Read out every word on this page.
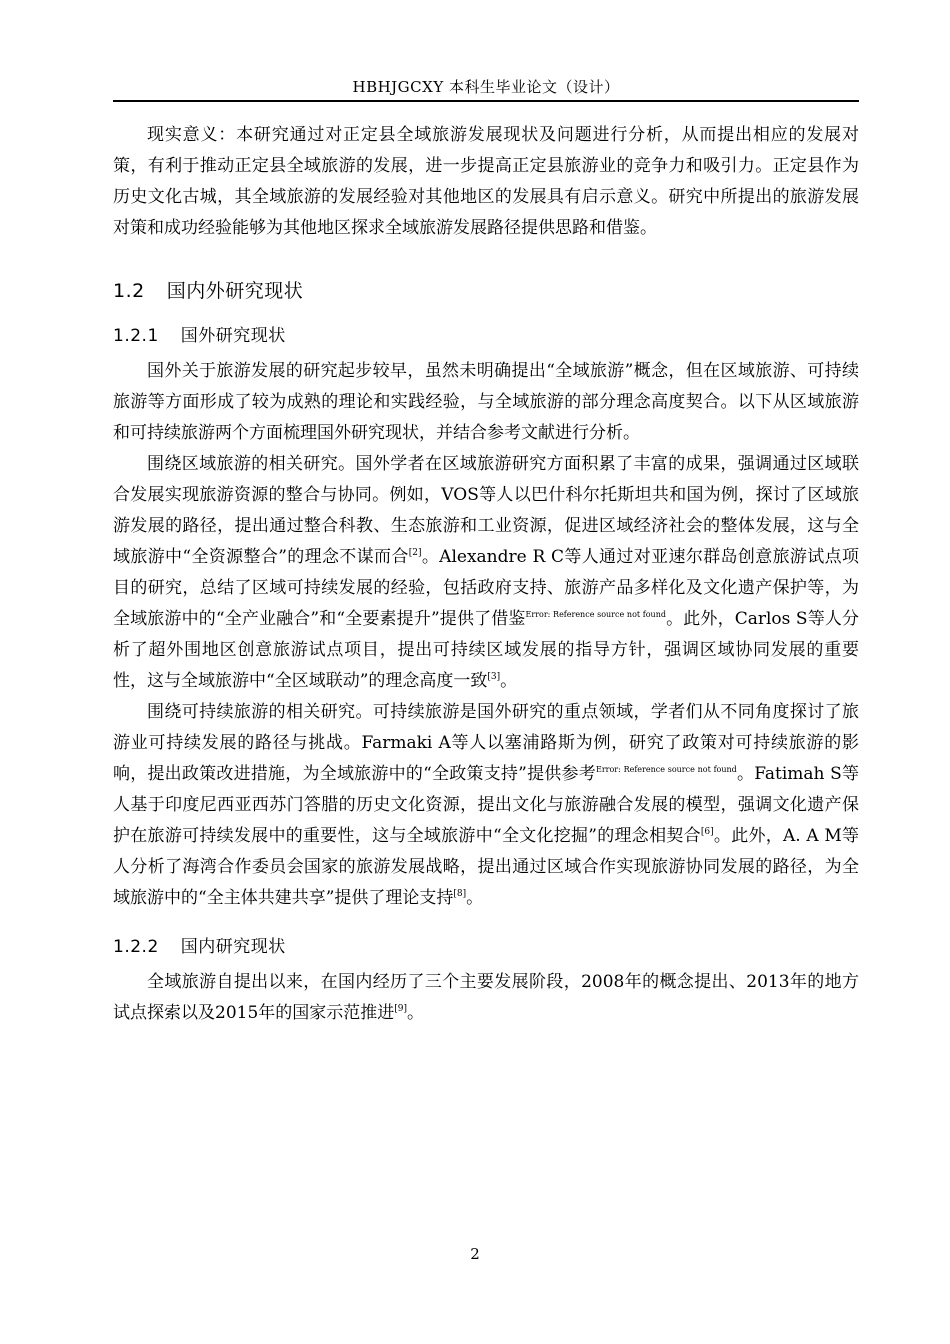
HBHJGCXY 本科生毕业论文（设计）

现实意义：本研究通过对正定县全域旅游发展现状及问题进行分析，从而提出相应的发展对策，有利于推动正定县全域旅游的发展，进一步提高正定县旅游业的竞争力和吸引力。正定县作为历史文化古城，其全域旅游的发展经验对其他地区的发展具有启示意义。研究中所提出的旅游发展对策和成功经验能够为其他地区探求全域旅游发展路径提供思路和借鉴。

1.2 国内外研究现状
1.2.1 国外研究现状

国外关于旅游发展的研究起步较早，虽然未明确提出“全域旅游”概念，但在区域旅游、可持续旅游等方面形成了较为成熟的理论和实践经验，与全域旅游的部分理念高度契合。以下从区域旅游和可持续旅游两个方面梳理国外研究现状，并结合参考文献进行分析。

围绕区域旅游的相关研究。国外学者在区域旅游研究方面积累了丰富的成果，强调通过区域联合发展实现旅游资源的整合与协同。例如，VOS等人以巴什科尔托斯坦共和国为例，探讨了区域旅游发展的路径，提出通过整合科教、生态旅游和工业资源，促进区域经济社会的整体发展，这与全域旅游中“全资源整合”的理念不谋而合[2]。Alexandre R C等人通过对亚速尔群岛创意旅游试点项目的研究，总结了区域可持续发展的经验，包括政府支持、旅游产品多样化及文化遗产保护等，为全域旅游中的“全产业融合”和“全要素提升”提供了借鉴$^{Error: Reference source not found}$。此外，Carlos S等人分析了超外围地区创意旅游试点项目，提出可持续区域发展的指导方针，强调区域协同发展的重要性，这与全域旅游中“全区域联动”的理念高度一致[3]。

围绕可持续旅游的相关研究。可持续旅游是国外研究的重点领域，学者们从不同角度探讨了旅游业可持续发展的路径与挑战。Farmaki A等人以塞浦路斯为例，研究了政策对可持续旅游的影响，提出政策改进措施，为全域旅游中的“全政策支持”提供参考$^{Error: Reference source not found}$。Fatimah S等人基于印度尼西亚西苏门答腊的历史文化资源，提出文化与旅游融合发展的模型，强调文化遗产保护在旅游可持续发展中的重要性，这与全域旅游中“全文化挖掘”的理念相契合[6]。此外，A. A M等人分析了海湾合作委员会国家的旅游发展战略，提出通过区域合作实现旅游协同发展的路径，为全域旅游中的“全主体共建共享”提供了理论支持[8]。

1.2.2 国内研究现状

全域旅游自提出以来，在国内经历了三个主要发展阶段，2008年的概念提出、2013年的地方试点探索以及2015年的国家示范推进[9]。

2
